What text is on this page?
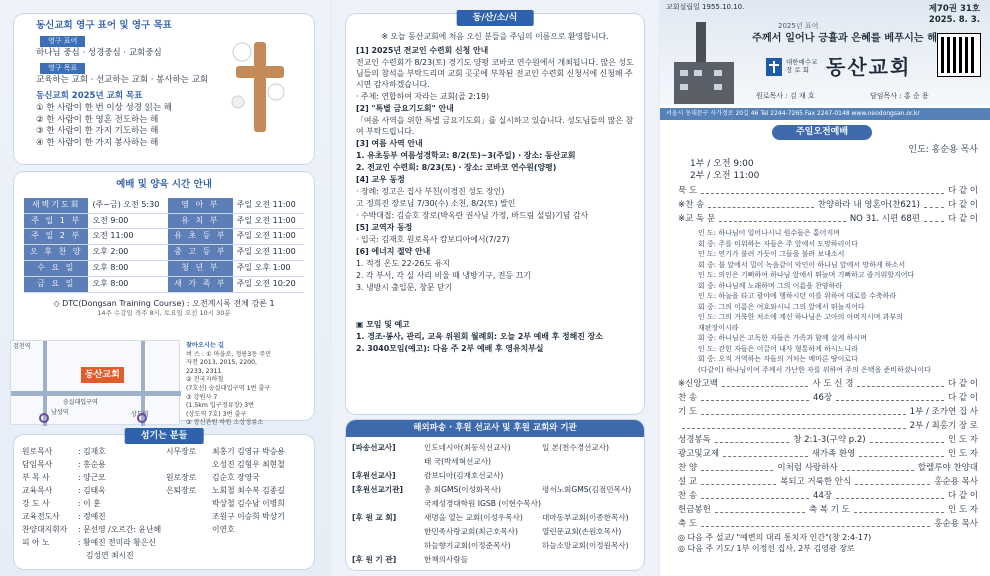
동신교회 영구 표어 및 영구 목표
영구 표어
하나님 중심 · 성경중심 · 교회중심
영구 목표
교육하는 교회 · 선교하는 교회 · 봉사하는 교회
동신교회 2025년 교회 목표
① 한 사람이 한 번 이상 성경 읽는 해
② 한 사람이 한 영혼 전도하는 해
③ 한 사람이 한 가지 기도하는 해
④ 한 사람이 한 가지 봉사하는 해
예배 및 양육 시간 안내
새벽기도회	(주~금) 오전 5:30	영 아 부	주일 오전 11:00
주 일 1 부	오전 9:00	유 치 부	주일 오전 11:00
주 일 2 부	오전 11:00	유 초 등 부	주일 오전 11:00
오 후 찬 양	오후 2:00	중 고 등 부	주일 오전 11:00
수 요 일	오후 8:00	청 년 부	주일 오후 1:00
금 요 일	오후 8:00	새 가 족 부	주일 오전 10:20
◇ DTC(Dongsan Training Course) : 오전계시록 전체 강론 1
14주 수강일 격주 8시, 토요일 오전 10시 30분
동산교회
검천역
남성역
숭실대입구역
상도역
찾아오시는 길
버 스 : ① 마을로, 정릉3동 주민
자전 2013, 2015, 2200,
2233, 2311
② 전국지하철
(7호선) 숭실대입구역 1번 출구
③ 강원사 7
(1.5km 입구정류장) 3번
(상도역 7호) 3번 출구
③ 장신관원 하원 소상정류소
섬기는 분들
원로목사	: 김재호
담임목사	: 홍순용
부 목 사	: 양근모
교육목사	: 김태욱
강 도 사	: 이 훈
교육전도사 : 정예진
찬양대지휘자 : 문선영 /오르간: 윤난혜
피 아 노	: 황예진 전미라 황은신
김성연 최시진
시무장로 최홍기 김영규 박승용
오성진 김형우 최현철
원로장로 김순호 장영국
은퇴장로 노회철 최수복 김종길
박상철 김수남 이병희
조원구 이승희 박상기
이연호
동/산/소/식

※ 오늘 동산교회에 처음 오신 분들을 주님의 이름으로 환영합니다.

[1] 2025년 전교인 수련회 신청 안내

전교인 수련회가 8/23(토) 경기도 양평 코바코 연수원에서 개최됩니다. 많은 성도님들의 참석을 부탁드리며 교회 곳곳에 부착된 전교인 수련회 신청서에 신청해 주시면 감사하겠습니다.

· 주제: 연합하여 자라는 교회(골 2:19)

[2] "특별 금요기도회" 안내

「여름 사역을 위한 특별 금요기도회」를 실시하고 있습니다. 성도님들의 많은 참여 부탁드립니다.

[3] 여름 사역 안내

1. 유초등부 여름성경학교: 8/2(토)~3(주일) · 장소: 동산교회

2. 전교인 수련회: 8/23(토) · 장소: 코바코 연수원(양평)

[4] 교우 동정

· 장례: 정고은 집사 부친(이경진 성도 장인)

고 정희진 장로님 7/30(수) 소천, 8/2(토) 발인

· 수박대접: 김승호 장로(박옥란 권사님 가정, 바드림 설림)기념 감사

[5] 교역자 동정

· 입국: 김재호 원로목사 캄보디아에서(7/27)

[6] 에너지 절약 안내

1. 적정 온도 22-26도 유지

2. 각 부서, 각 실 사리 비울 때 냉방기구, 전등 끄기

3. 냉방시 출입문, 창문 닫기

▣ 모임 및 예고

1. 경조·봉사, 관리, 교육 위원회 월례회: 오늘 2부 예배 후 정해진 장소

2. 3040모임(예고): 다음 주 2부 예배 후 영유치부실

해외파송 · 후원 선교사 및 후원 교회와 기관
[파송선교사]	인도네시아(최동식선교사)	일 본(천수경선교사)
	태 국(박세혁선교사)	
[후원선교사]	캄보디아(김재호선교사)	
[후원선교기관]	총 회GMS(이성화목사)	평서노회GMS(김점민목사)
	국제성경대학원 IGSB (이현수목사)	
[후 원 교 회]	새명을 열는 교회(이성우목사)	대마동부교회(이종한목사)
	한민족사랑교회(최근호목사)	열린문교회(손원호목사)
	하늘향기교회(이정준목사)	하늘소망교회(이정원목사)
[후 원 기 관]	한책의사람들	
교회설립일 1955.10.10.	제70권 31호
2025. 8. 3.
2025년 표어
주께서 일어나 긍휼과 은혜를 베푸시는 해
대한예수교 장 로 회 동산교회
원로목사 : 김 재 호	담임목사 : 홍 순 용
서울시 동대문구 사가정로 20길 46 Tel 2244-7265 Fax 2247-0148 www.neodongsan.or.kr
주일오전예배
인도: 홍순용 목사
1부 / 오전 9:00
2부 / 오전 11:00
묵 도	다 같 이
※찬 송	찬양하라 내 영혼아(찬621)	다 같 이
※교 독 문	NO 31. 시편 68편	다 같 이
인 도: 하나님이 일어나시니 원수들은 흩어지며
회 중: 주를 미워하는 자들은 주 앞에서 도망하리이다
인 도: 연기가 불려 가듯이 그들을 불려 보내소서
회 중: 불 앞에서 밀이 녹음같이 악인이 하나님 앞에서 망하게 하소서
인 도: 의인은 기뻐하여 하나님 앞에서 뛰놀며 기뻐하고 즐거워할지어다
회 중: 하나님께 노래하며 그의 이름을 찬양하라
인 도: 하늘을 타고 광야에 행하시던 이를 위하여 대로를 수축하라
회 중: 그의 이름은 여호와시니 그의 앞에서 뛰놀지어다
인 도: 그의 거룩한 처소에 계신 하나님은 고아의 아버지시며 과부의
재판장이시라
회 중: 하나님은 고독한 자들은 가족과 함께 살게 하시며
인 도: 갇힌 자들은 이끌어 내사 형통하게 하시느니라
회 중: 오직 거역하는 자들의 거처는 메마른 땅이로다
(다같이) 하나님이여 주께서 가난한 자를 위하여 주의 은택을 준비하셨나이다
※신앙고백	사 도 신 경	다 같 이
찬 송	46장	다 같 이
기 도	1부 / 조가연 집 사
2부 / 최홍기 장 로
성경봉독	창 2:1-3(구약 p.2)	인 도 자
광고및교제	새가족 환영	인 도 자
찬 양	이처럼 사랑하사	할렐루야 찬양대
설 교	복되고 거룩한 안식	홍순용 목사
찬 송	44장	다 같 이
헌금봉헌	축 복 기 도	인 도 자
축 도	홍순용 목사
◎ 다음 주 설교/ "예변의 대리 통치자 인간"(창 2:4-17)
◎ 다음 주 기도/ 1부 이정선 집사, 2부 김영광 장로
